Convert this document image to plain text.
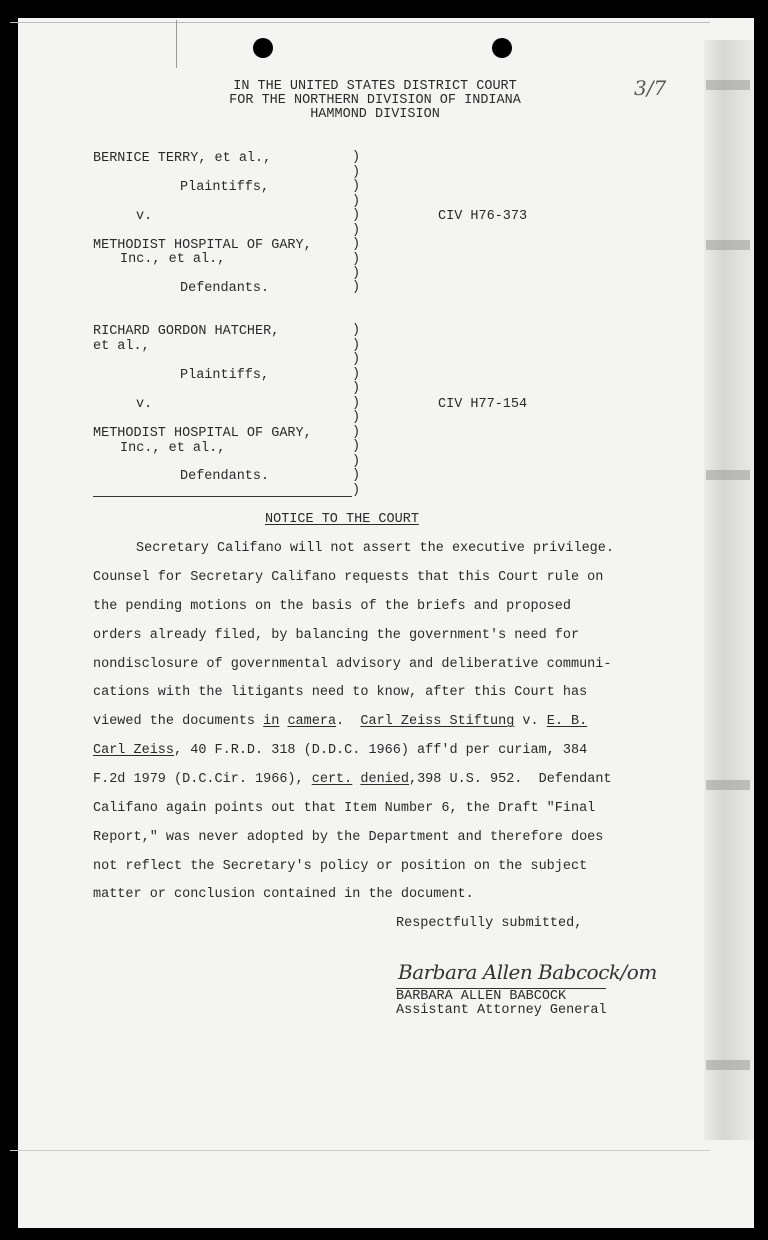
3/7
IN THE UNITED STATES DISTRICT COURT
FOR THE NORTHERN DIVISION OF INDIANA
HAMMOND DIVISION
BERNICE TERRY, et al.,
Plaintiffs,
v.
METHODIST HOSPITAL OF GARY,
Inc., et al.,
Defendants.
CIV H76-373
)
)
)
)
)
)
)
)
)
)
RICHARD GORDON HATCHER,
et al.,
Plaintiffs,
v.
METHODIST HOSPITAL OF GARY,
Inc., et al.,
Defendants.
CIV H77-154
)
)
)
)
)
)
)
)
)
)
)
)
NOTICE TO THE COURT
Secretary Califano will not assert the executive privilege.
Counsel for Secretary Califano requests that this Court rule on
the pending motions on the basis of the briefs and proposed
orders already filed, by balancing the government's need for
nondisclosure of governmental advisory and deliberative communi-
cations with the litigants need to know, after this Court has
viewed the documents in camera.  Carl Zeiss Stiftung v. E. B.
Carl Zeiss, 40 F.R.D. 318 (D.D.C. 1966) aff'd per curiam, 384
F.2d 1979 (D.C.Cir. 1966), cert. denied,398 U.S. 952.  Defendant
Califano again points out that Item Number 6, the Draft "Final
Report," was never adopted by the Department and therefore does
not reflect the Secretary's policy or position on the subject
matter or conclusion contained in the document.
Respectfully submitted,
Barbara Allen Babcock/om
BARBARA ALLEN BABCOCK
Assistant Attorney General
